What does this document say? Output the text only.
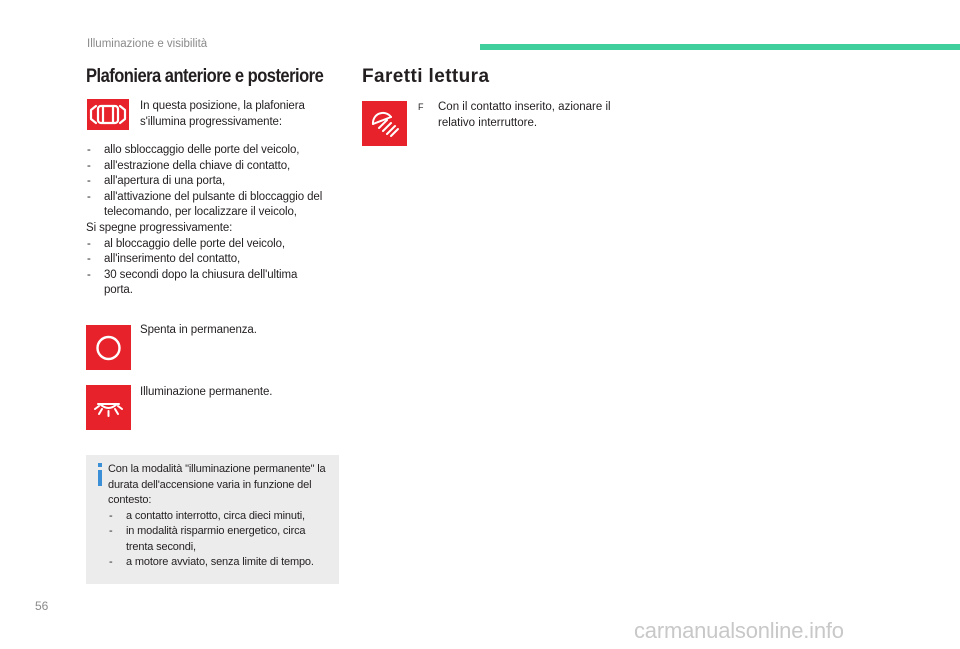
Illuminazione e visibilità
Plafoniera anteriore e posteriore
In questa posizione, la plafoniera s'illumina progressivamente:
- allo sbloccaggio delle porte del veicolo,
- all'estrazione della chiave di contatto,
- all'apertura di una porta,
- all'attivazione del pulsante di bloccaggio del telecomando, per localizzare il veicolo,
Si spegne progressivamente:
- al bloccaggio delle porte del veicolo,
- all'inserimento del contatto,
- 30 secondi dopo la chiusura dell'ultima porta.
Spenta in permanenza.
Illuminazione permanente.
Con la modalità "illuminazione permanente" la durata dell'accensione varia in funzione del contesto:
- a contatto interrotto, circa dieci minuti,
- in modalità risparmio energetico, circa trenta secondi,
- a motore avviato, senza limite di tempo.
Faretti lettura
F Con il contatto inserito, azionare il relativo interruttore.
56
carmanualsonline.info
